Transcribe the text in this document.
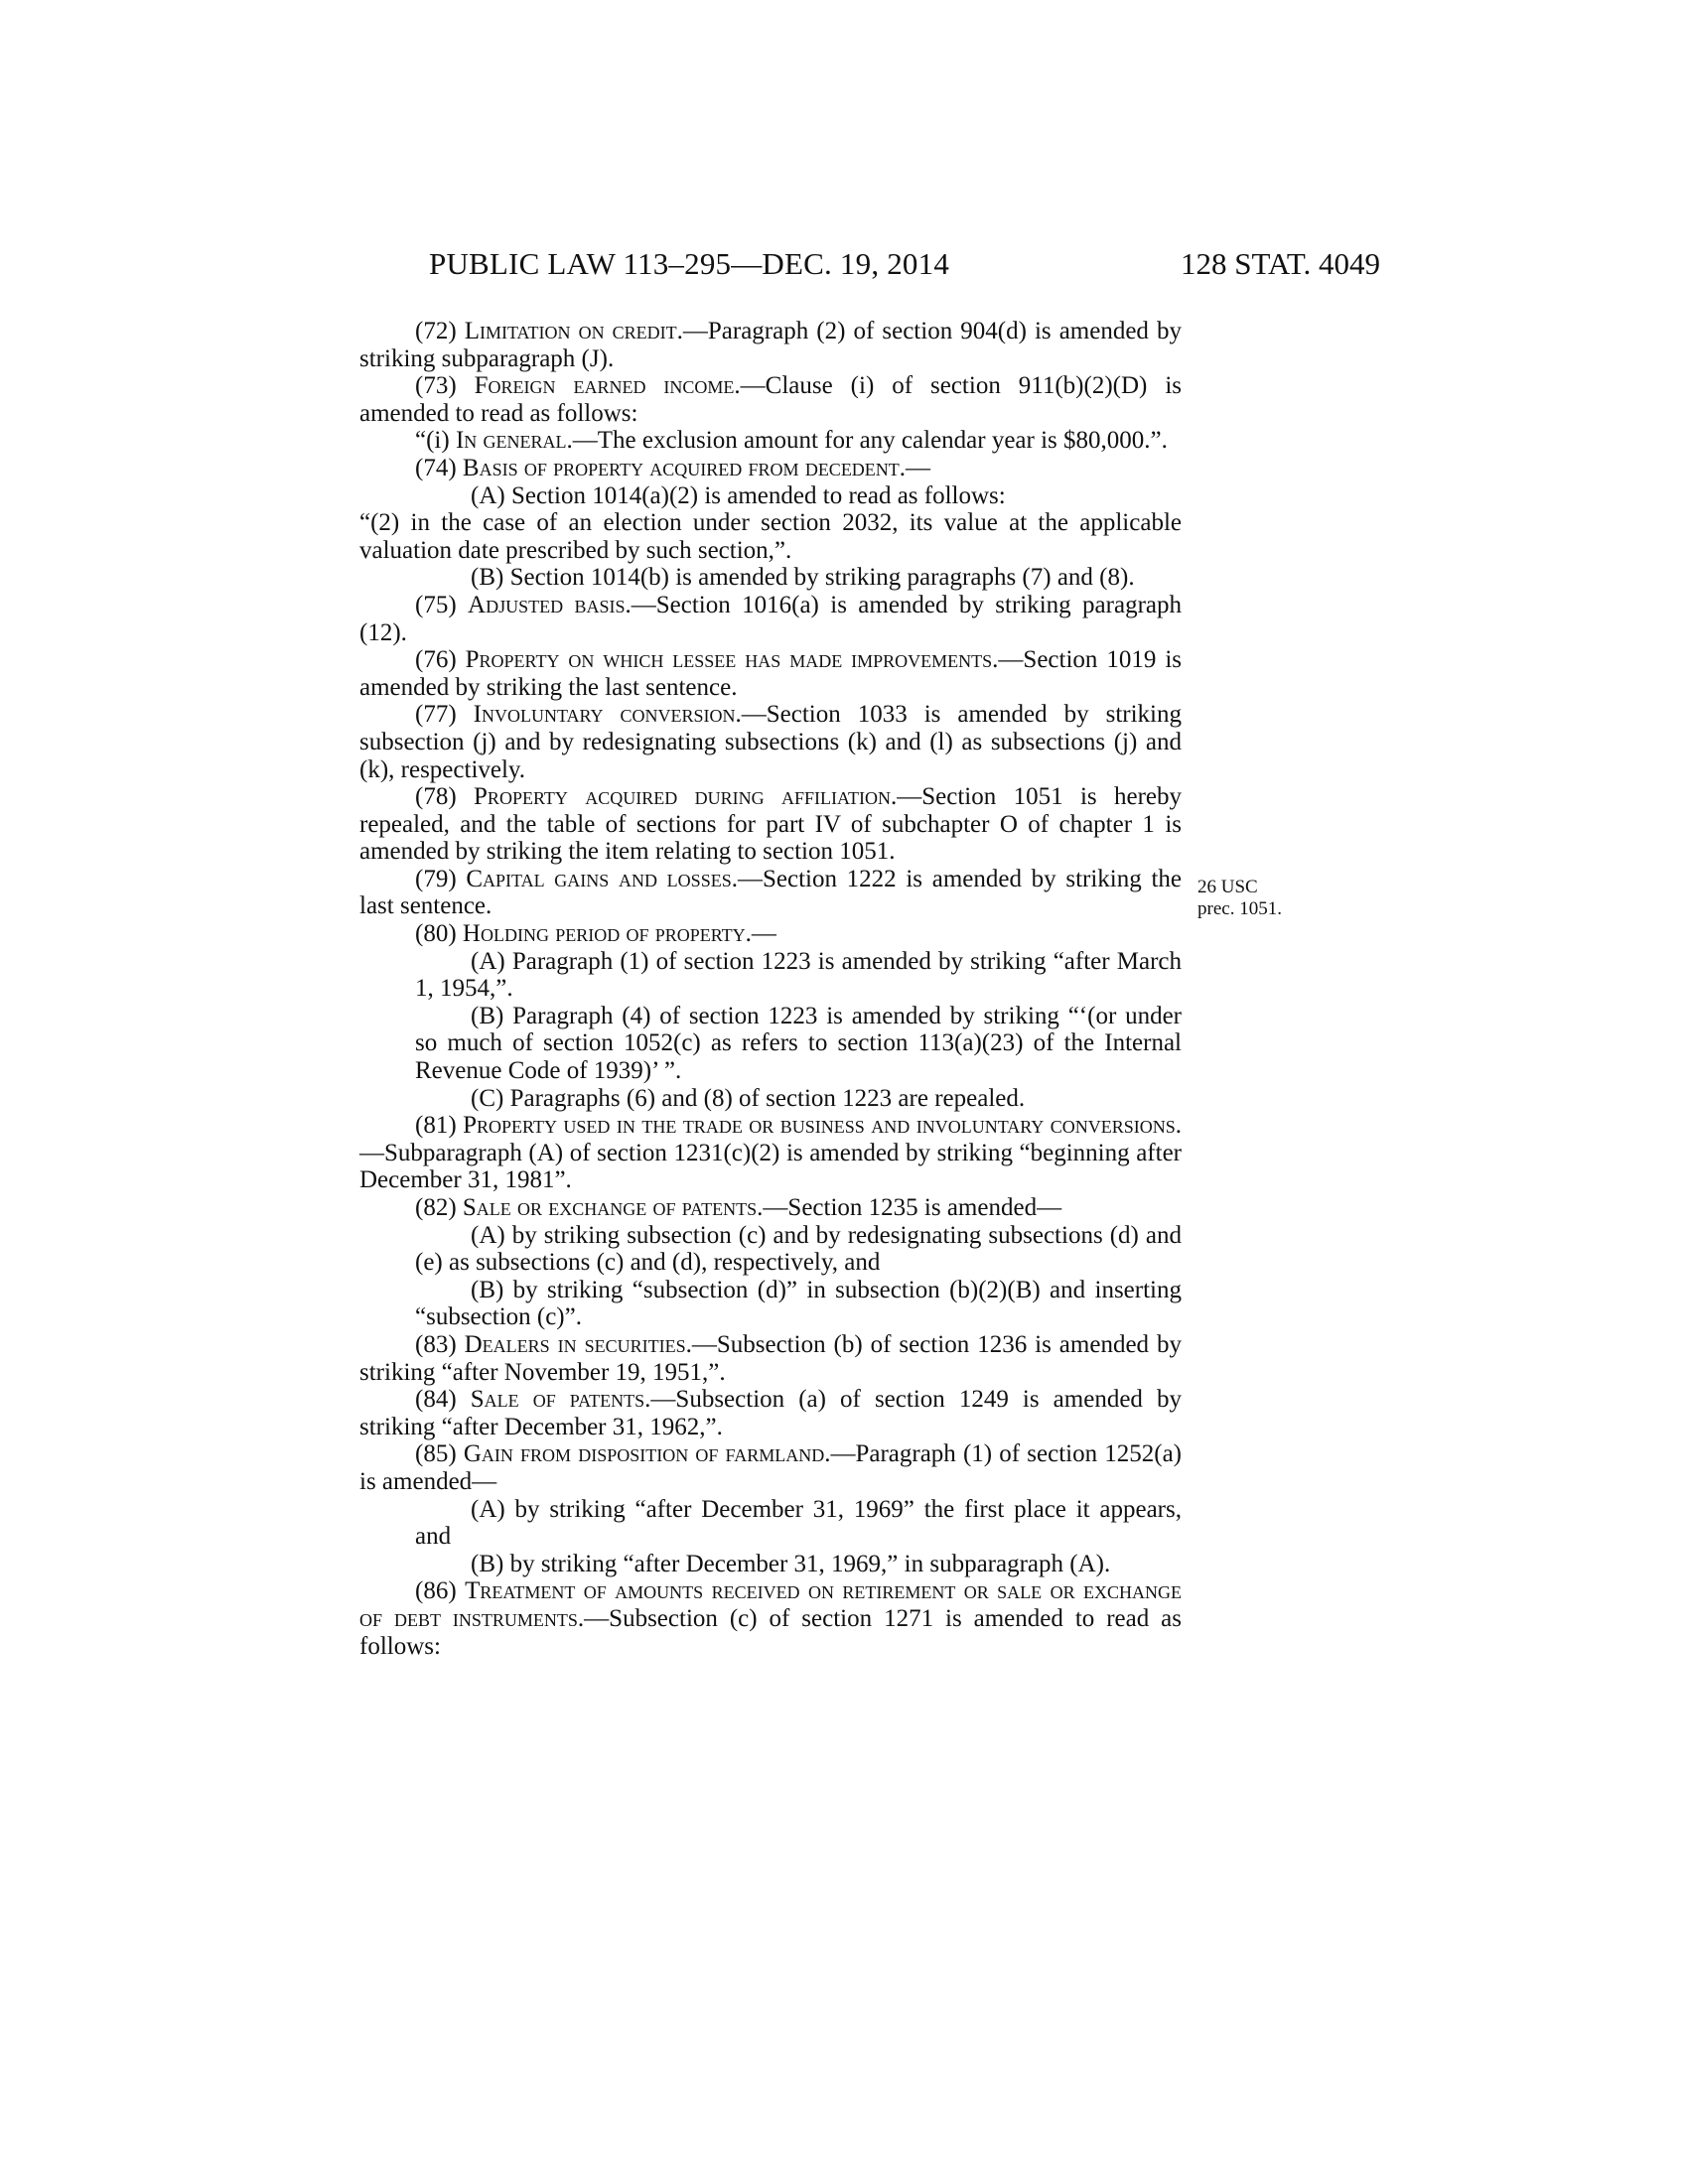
PUBLIC LAW 113–295—DEC. 19, 2014	128 STAT. 4049
26 USC
prec. 1051.

(72) Limitation on credit.—Paragraph (2) of section 904(d) is amended by striking subparagraph (J).

(73) Foreign earned income.—Clause (i) of section 911(b)(2)(D) is amended to read as follows:

“(i) In general.—The exclusion amount for any calendar year is $80,000.”.

(74) Basis of property acquired from decedent.—

(A) Section 1014(a)(2) is amended to read as follows:

“(2) in the case of an election under section 2032, its value at the applicable valuation date prescribed by such section,”.

(B) Section 1014(b) is amended by striking paragraphs (7) and (8).

(75) Adjusted basis.—Section 1016(a) is amended by striking paragraph (12).

(76) Property on which lessee has made improvements.—Section 1019 is amended by striking the last sentence.

(77) Involuntary conversion.—Section 1033 is amended by striking subsection (j) and by redesignating subsections (k) and (l) as subsections (j) and (k), respectively.

(78) Property acquired during affiliation.—Section 1051 is hereby repealed, and the table of sections for part IV of subchapter O of chapter 1 is amended by striking the item relating to section 1051.

(79) Capital gains and losses.—Section 1222 is amended by striking the last sentence.

(80) Holding period of property.—

(A) Paragraph (1) of section 1223 is amended by striking “after March 1, 1954,”.

(B) Paragraph (4) of section 1223 is amended by striking “‘(or under so much of section 1052(c) as refers to section 113(a)(23) of the Internal Revenue Code of 1939)’ ”.

(C) Paragraphs (6) and (8) of section 1223 are repealed.

(81) Property used in the trade or business and involuntary conversions.—Subparagraph (A) of section 1231(c)(2) is amended by striking “beginning after December 31, 1981”.

(82) Sale or exchange of patents.—Section 1235 is amended—

(A) by striking subsection (c) and by redesignating subsections (d) and (e) as subsections (c) and (d), respectively, and

(B) by striking “subsection (d)” in subsection (b)(2)(B) and inserting “subsection (c)”.

(83) Dealers in securities.—Subsection (b) of section 1236 is amended by striking “after November 19, 1951,”.

(84) Sale of patents.—Subsection (a) of section 1249 is amended by striking “after December 31, 1962,”.

(85) Gain from disposition of farmland.—Paragraph (1) of section 1252(a) is amended—

(A) by striking “after December 31, 1969” the first place it appears, and

(B) by striking “after December 31, 1969,” in subparagraph (A).

(86) Treatment of amounts received on retirement or sale or exchange of debt instruments.—Subsection (c) of section 1271 is amended to read as follows:
